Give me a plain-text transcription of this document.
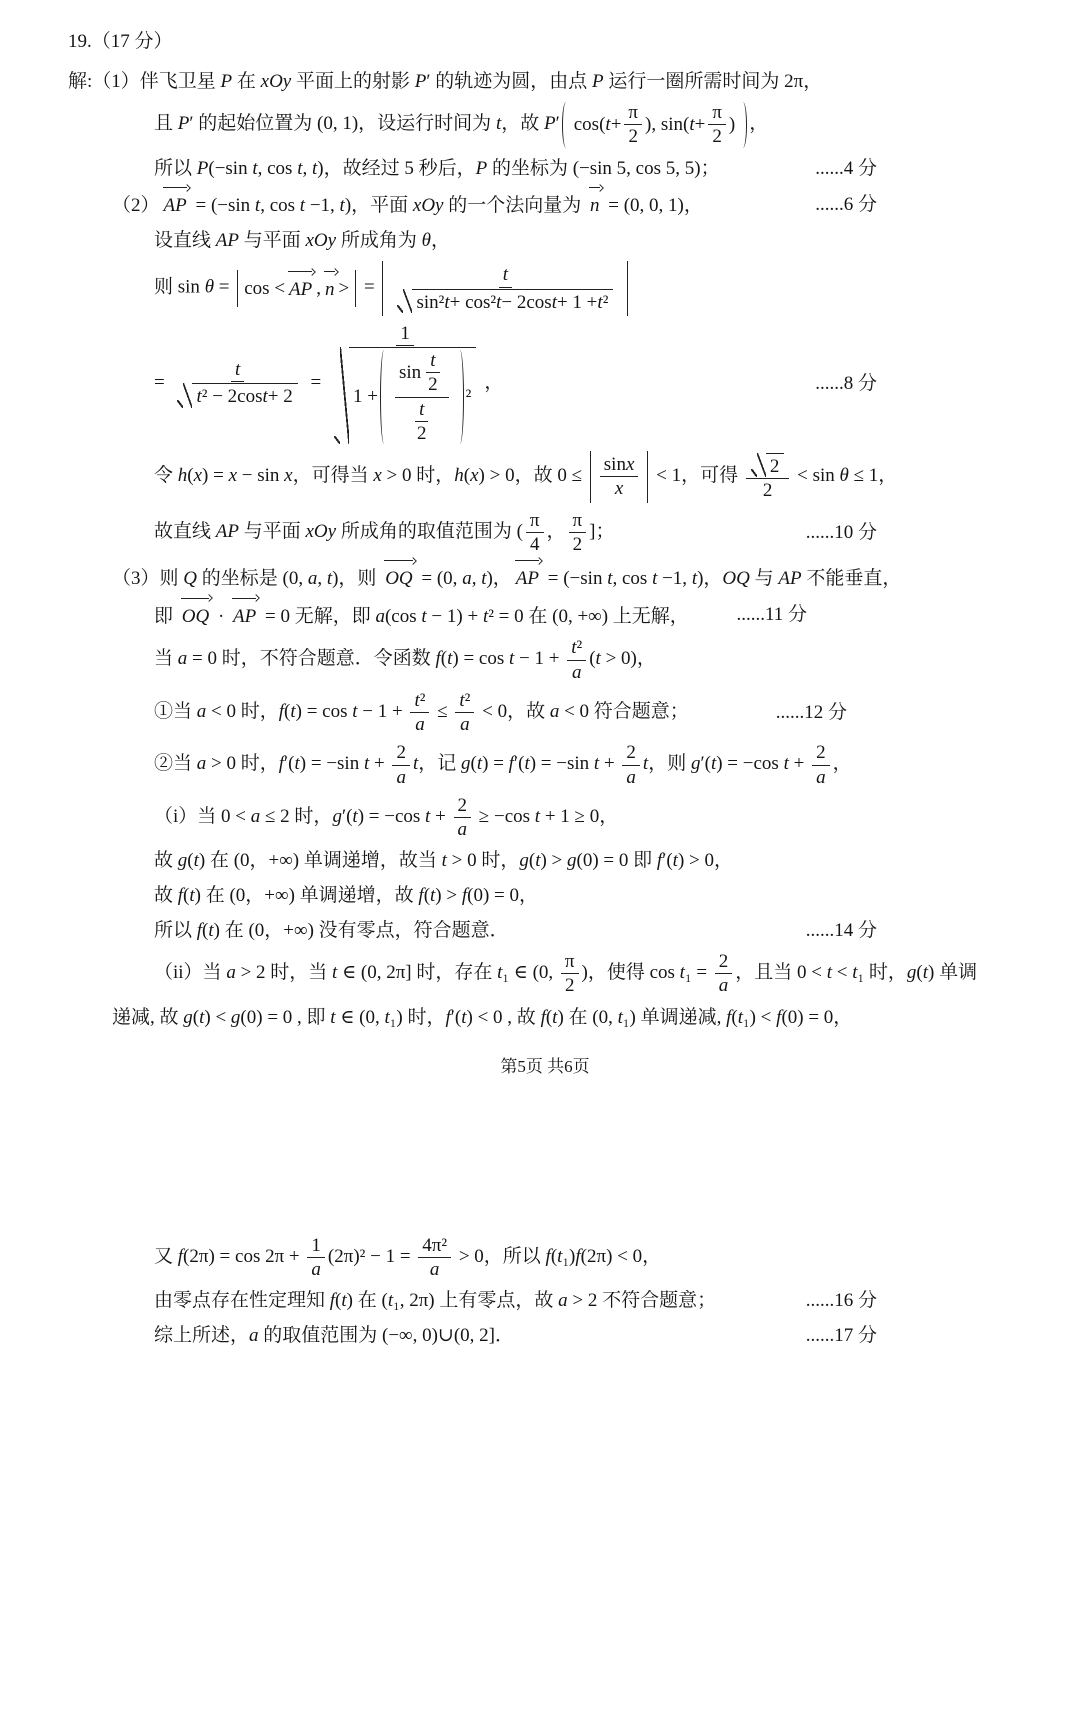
19.（17 分）
解:（1）伴飞卫星 P 在 xOy 平面上的射影 P′ 的轨迹为圆，由点 P 运行一圈所需时间为 2π，
且 P′ 的起始位置为 (0, 1)，设运行时间为 t，故 P′ cos( $t + \frac{\pi}{2}$ ), sin( $t + \frac{\pi}{2}$ ) ，
所以 P(−sin t, cos t, t)，故经过 5 秒后，P 的坐标为 (−sin 5, cos 5, 5)；	......4 分
（2） AP = (−sin t, cos t −1, t)，平面 xOy 的一个法向量为 n = (0, 0, 1)，	......6 分
设直线 AP 与平面 xOy 所成角为 θ，
则 sin θ = cos < AP , n > = $\frac{t}{\text{sin² t + cos² t − 2cos t + 1 + t ²}}$
= $\frac{t}{\text{t ² − 2cos t + 2}} = \frac{1}{1 + \frac{\sin \frac{t}{2}}{\frac{t}{2}} ^2}$ ，	......8 分
令 h(x) = x − sin x，可得当 x > 0 时，h(x) > 0，故 $0 \le \frac{\text{sin x}}{x} < 1$，可得 $\frac{2}{2} < \sin \theta \le 1$，
故直线 AP 与平面 xOy 所成角的取值范围为 ( $\frac{\pi}{4}$ ， $\frac{\pi}{2}$ ]；	......10 分
（3）则 Q 的坐标是 (0, a, t)，则 OQ = (0, a, t)， AP = (−sin t, cos t −1, t)，OQ 与 AP 不能垂直，
即 OQ · AP = 0 无解，即 a(cos t − 1) + t² = 0 在 (0, +∞) 上无解，	......11 分
当 a = 0 时，不符合题意．令函数 $f(t) = \cos t - 1 + \frac{\text{t ²}}{a} (t > 0)$，
①当 a < 0 时，$f(t) = \cos t - 1 + \frac{\text{t ²}}{a} \le \frac{\text{t ²}}{a} < 0$，故 a < 0 符合题意；	......12 分
②当 a > 0 时，f′(t) = −sin $t + \frac{2}{a}$ t，记 g(t) = f′(t) = −sin $t + \frac{2}{a}$ t，则 g′(t) = −cos $t + \frac{2}{a}$ ，
（i）当 0 < a ≤ 2 时，g′(t) = −cos $t + \frac{2}{a} \ge -\cos$ t + 1 ≥ 0，
故 g(t) 在 (0，+∞) 单调递增，故当 t > 0 时，g(t) > g(0) = 0 即 f′(t) > 0，
故 f(t) 在 (0，+∞) 单调递增，故 f(t) > f(0) = 0，
所以 f(t) 在 (0，+∞) 没有零点，符合题意．	......14 分
（ii）当 a > 2 时，当 t ∈ (0, 2π] 时，存在 t₁ ∈ (0, $\frac{\pi}{2}$ )，使得 $\cos t_1 = \frac{2}{a}$ ，且当 0 < t < t₁ 时，g(t) 单调
递减, 故 g(t) < g(0) = 0 , 即 t ∈ (0, t₁) 时，f′(t) < 0 , 故 f(t) 在 (0, t₁) 单调递减, f(t₁) < f(0) = 0，
第5页 共6页
又 $f(2\pi) = \cos 2\pi + \frac{1}{a} (2\pi)^2 - 1 = \frac{\text{4π²}}{a} > 0$，所以 f(t₁)f(2π) < 0，
由零点存在性定理知 f(t) 在 (t₁, 2π) 上有零点，故 a > 2 不符合题意；	......16 分
综上所述，a 的取值范围为 (−∞, 0)∪(0, 2]．	......17 分
